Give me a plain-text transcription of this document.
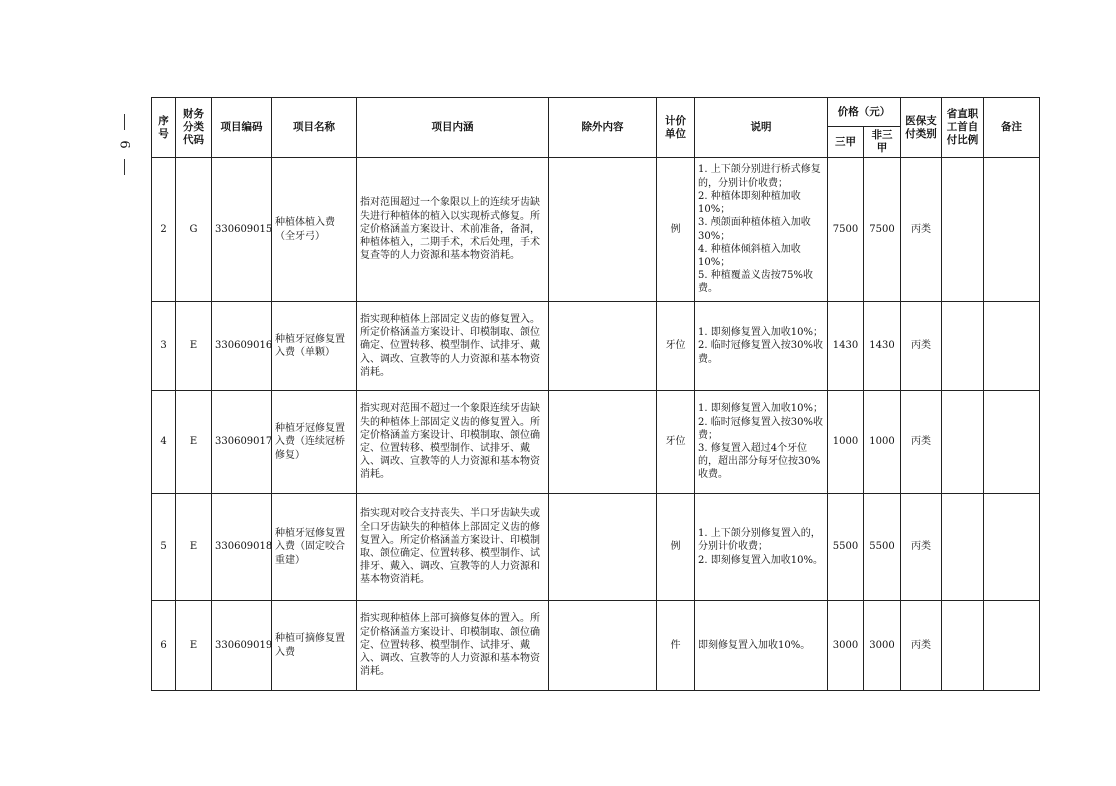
6
序号	财务分类代码	项目编码	项目名称	项目内涵	除外内容	计价单位	说明	价格（元）		医保支付类别	省直职工首自付比例	备注
								三甲	非三甲			
2	G	330609015	种植体植入费（全牙弓）	指对范围超过一个象限以上的连续牙齿缺失进行种植体的植入以实现桥式修复。所定价格涵盖方案设计、术前准备，备洞，种植体植入，二期手术，术后处理，手术复查等的人力资源和基本物资消耗。		例	1. 上下颌分别进行桥式修复的，分别计价收费；
2. 种植体即刻种植加收10%；
3. 颅颌面种植体植入加收30%；
4. 种植体倾斜植入加收10%；
5. 种植覆盖义齿按75%收费。	7500	7500	丙类		
3	E	330609016	种植牙冠修复置入费（单颗）	指实现种植体上部固定义齿的修复置入。所定价格涵盖方案设计、印模制取、颌位确定、位置转移、模型制作、试排牙、戴入、调改、宣教等的人力资源和基本物资消耗。		牙位	1. 即刻修复置入加收10%；2. 临时冠修复置入按30%收费。	1430	1430	丙类		
4	E	330609017	种植牙冠修复置入费（连续冠桥修复）	指实现对范围不超过一个象限连续牙齿缺失的种植体上部固定义齿的修复置入。所定价格涵盖方案设计、印模制取、颌位确定、位置转移、模型制作、试排牙、戴入、调改、宣教等的人力资源和基本物资消耗。		牙位	1. 即刻修复置入加收10%；
2. 临时冠修复置入按30%收费；
3. 修复置入超过4个牙位的，超出部分每牙位按30%收费。	1000	1000	丙类		
5	E	330609018	种植牙冠修复置入费（固定咬合重建）	指实现对咬合支持丧失、半口牙齿缺失或全口牙齿缺失的种植体上部固定义齿的修复置入。所定价格涵盖方案设计、印模制取、颌位确定、位置转移、模型制作、试排牙、戴入、调改、宣教等的人力资源和基本物资消耗。		例	1. 上下颌分别修复置入的，分别计价收费；
2. 即刻修复置入加收10%。	5500	5500	丙类		
6	E	330609019	种植可摘修复置入费	指实现种植体上部可摘修复体的置入。所定价格涵盖方案设计、印模制取、颌位确定、位置转移、模型制作、试排牙、戴入、调改、宣教等的人力资源和基本物资消耗。		件	即刻修复置入加收10%。	3000	3000	丙类		
